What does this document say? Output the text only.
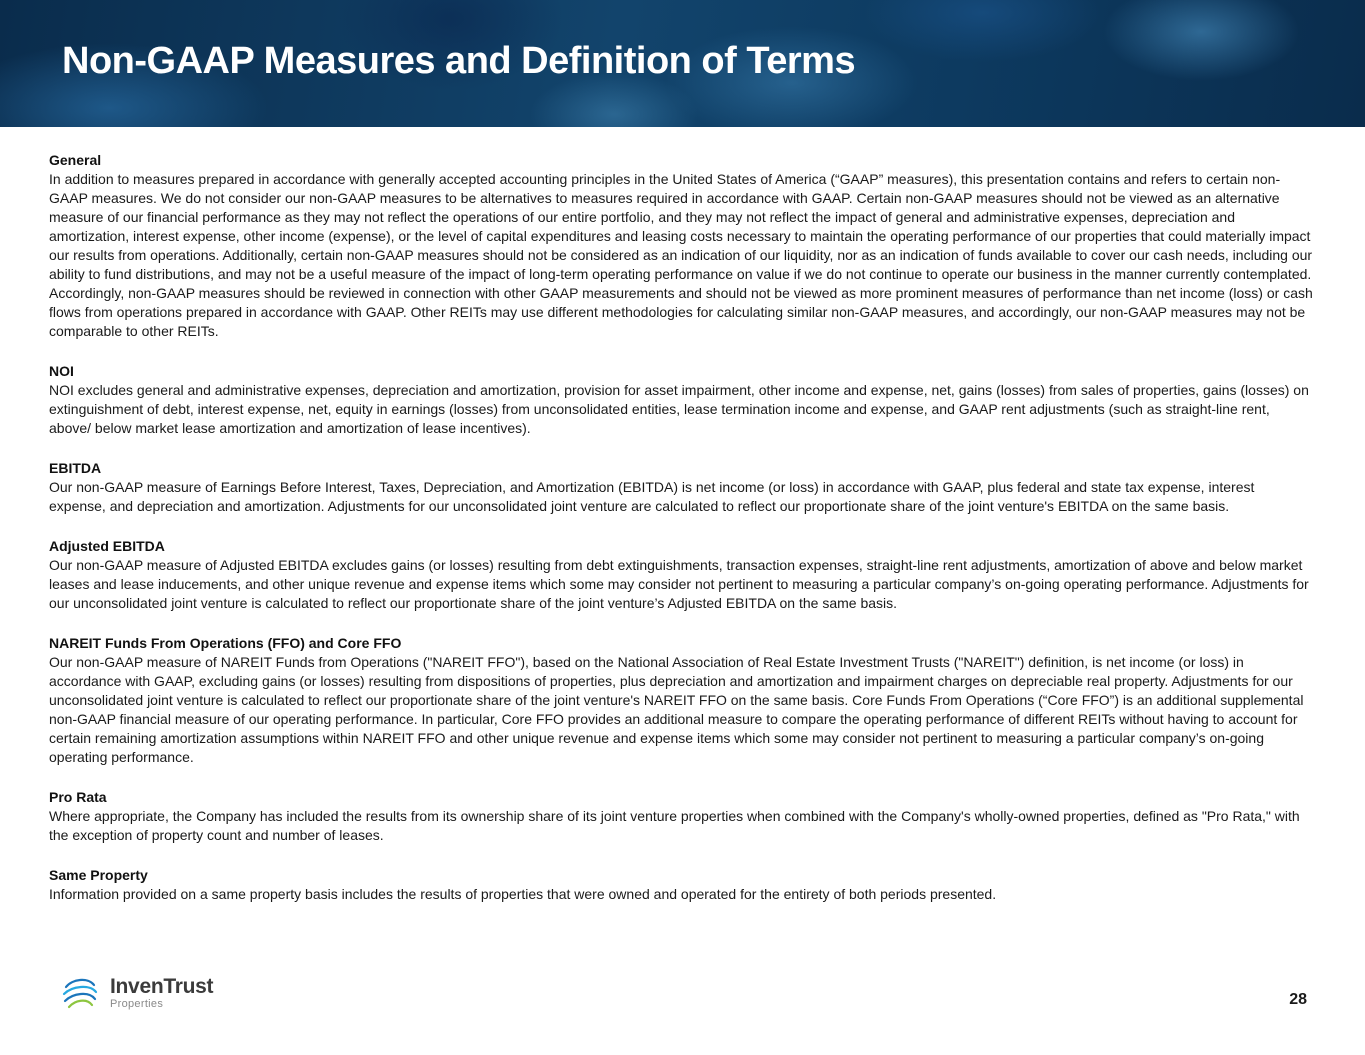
Non-GAAP Measures and Definition of Terms
General

In addition to measures prepared in accordance with generally accepted accounting principles in the United States of America (“GAAP” measures), this presentation contains and refers to certain non-GAAP measures. We do not consider our non-GAAP measures to be alternatives to measures required in accordance with GAAP. Certain non-GAAP measures should not be viewed as an alternative measure of our financial performance as they may not reflect the operations of our entire portfolio, and they may not reflect the impact of general and administrative expenses, depreciation and amortization, interest expense, other income (expense), or the level of capital expenditures and leasing costs necessary to maintain the operating performance of our properties that could materially impact our results from operations. Additionally, certain non-GAAP measures should not be considered as an indication of our liquidity, nor as an indication of funds available to cover our cash needs, including our ability to fund distributions, and may not be a useful measure of the impact of long-term operating performance on value if we do not continue to operate our business in the manner currently contemplated. Accordingly, non-GAAP measures should be reviewed in connection with other GAAP measurements and should not be viewed as more prominent measures of performance than net income (loss) or cash flows from operations prepared in accordance with GAAP. Other REITs may use different methodologies for calculating similar non-GAAP measures, and accordingly, our non-GAAP measures may not be comparable to other REITs.

NOI

NOI excludes general and administrative expenses, depreciation and amortization, provision for asset impairment, other income and expense, net, gains (losses) from sales of properties, gains (losses) on extinguishment of debt, interest expense, net, equity in earnings (losses) from unconsolidated entities, lease termination income and expense, and GAAP rent adjustments (such as straight-line rent, above/ below market lease amortization and amortization of lease incentives).

EBITDA

Our non-GAAP measure of Earnings Before Interest, Taxes, Depreciation, and Amortization (EBITDA) is net income (or loss) in accordance with GAAP, plus federal and state tax expense, interest expense, and depreciation and amortization. Adjustments for our unconsolidated joint venture are calculated to reflect our proportionate share of the joint venture's EBITDA on the same basis.

Adjusted EBITDA

Our non-GAAP measure of Adjusted EBITDA excludes gains (or losses) resulting from debt extinguishments, transaction expenses, straight-line rent adjustments, amortization of above and below market leases and lease inducements, and other unique revenue and expense items which some may consider not pertinent to measuring a particular company’s on-going operating performance. Adjustments for our unconsolidated joint venture is calculated to reflect our proportionate share of the joint venture’s Adjusted EBITDA on the same basis.

NAREIT Funds From Operations (FFO) and Core FFO

Our non-GAAP measure of NAREIT Funds from Operations ("NAREIT FFO"), based on the National Association of Real Estate Investment Trusts ("NAREIT") definition, is net income (or loss) in accordance with GAAP, excluding gains (or losses) resulting from dispositions of properties, plus depreciation and amortization and impairment charges on depreciable real property. Adjustments for our unconsolidated joint venture is calculated to reflect our proportionate share of the joint venture's NAREIT FFO on the same basis. Core Funds From Operations (“Core FFO”) is an additional supplemental non-GAAP financial measure of our operating performance. In particular, Core FFO provides an additional measure to compare the operating performance of different REITs without having to account for certain remaining amortization assumptions within NAREIT FFO and other unique revenue and expense items which some may consider not pertinent to measuring a particular company’s on-going operating performance.

Pro Rata

Where appropriate, the Company has included the results from its ownership share of its joint venture properties when combined with the Company's wholly-owned properties, defined as "Pro Rata," with the exception of property count and number of leases.

Same Property

Information provided on a same property basis includes the results of properties that were owned and operated for the entirety of both periods presented.

InvenTrust
Properties	28
